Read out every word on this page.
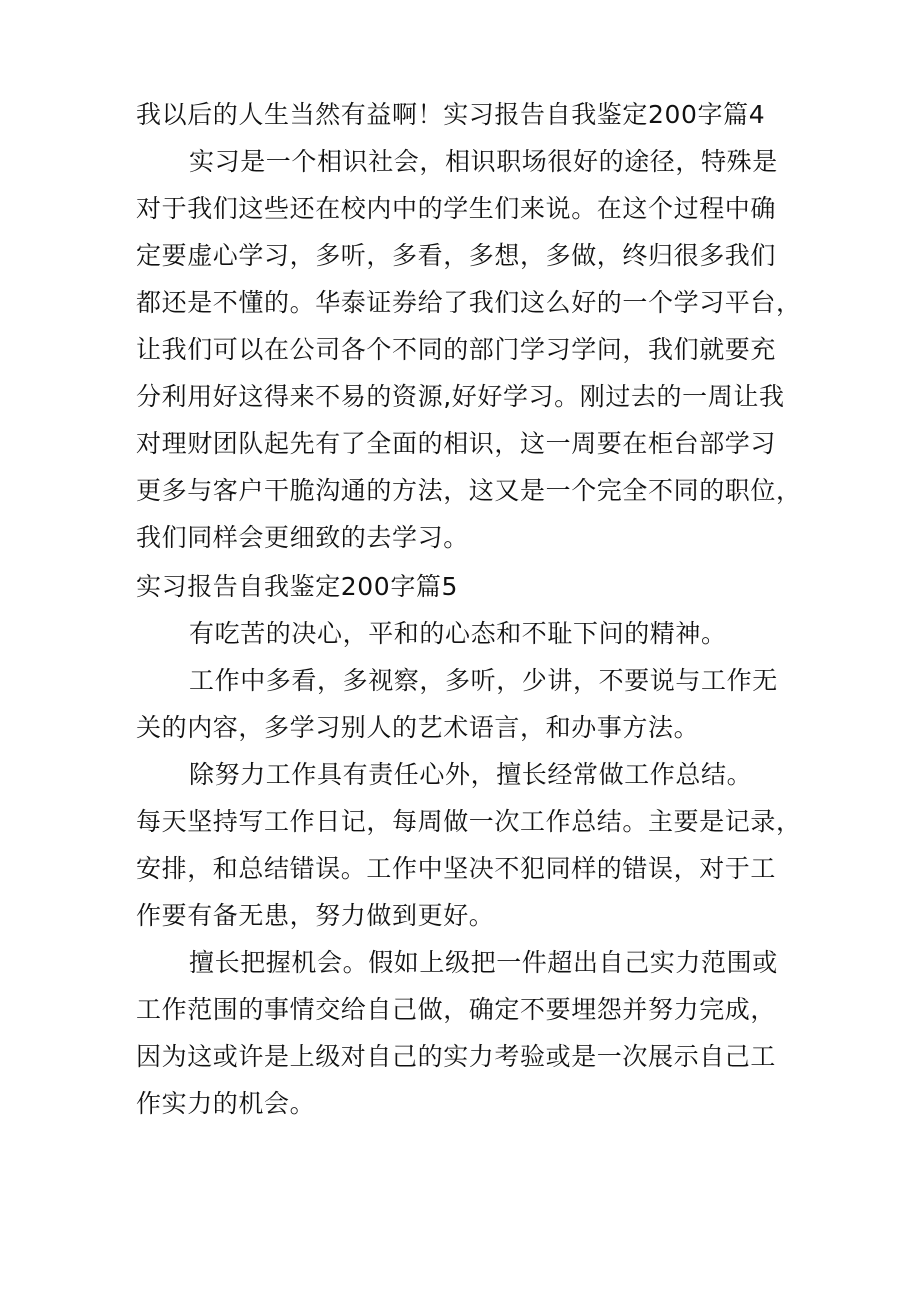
我以后的人生当然有益啊！实习报告自我鉴定200字篇4
实习是一个相识社会，相识职场很好的途径，特殊是
对于我们这些还在校内中的学生们来说。在这个过程中确
定要虚心学习，多听，多看，多想，多做，终归很多我们
都还是不懂的。华泰证券给了我们这么好的一个学习平台，
让我们可以在公司各个不同的部门学习学问，我们就要充
分利用好这得来不易的资源,好好学习。刚过去的一周让我
对理财团队起先有了全面的相识，这一周要在柜台部学习
更多与客户干脆沟通的方法，这又是一个完全不同的职位，
我们同样会更细致的去学习。
实习报告自我鉴定200字篇5
有吃苦的决心，平和的心态和不耻下问的精神。
工作中多看，多视察，多听，少讲，不要说与工作无
关的内容，多学习别人的艺术语言，和办事方法。
除努力工作具有责任心外，擅长经常做工作总结。
每天坚持写工作日记，每周做一次工作总结。主要是记录，
安排，和总结错误。工作中坚决不犯同样的错误，对于工
作要有备无患，努力做到更好。
擅长把握机会。假如上级把一件超出自己实力范围或
工作范围的事情交给自己做，确定不要埋怨并努力完成，
因为这或许是上级对自己的实力考验或是一次展示自己工
作实力的机会。
